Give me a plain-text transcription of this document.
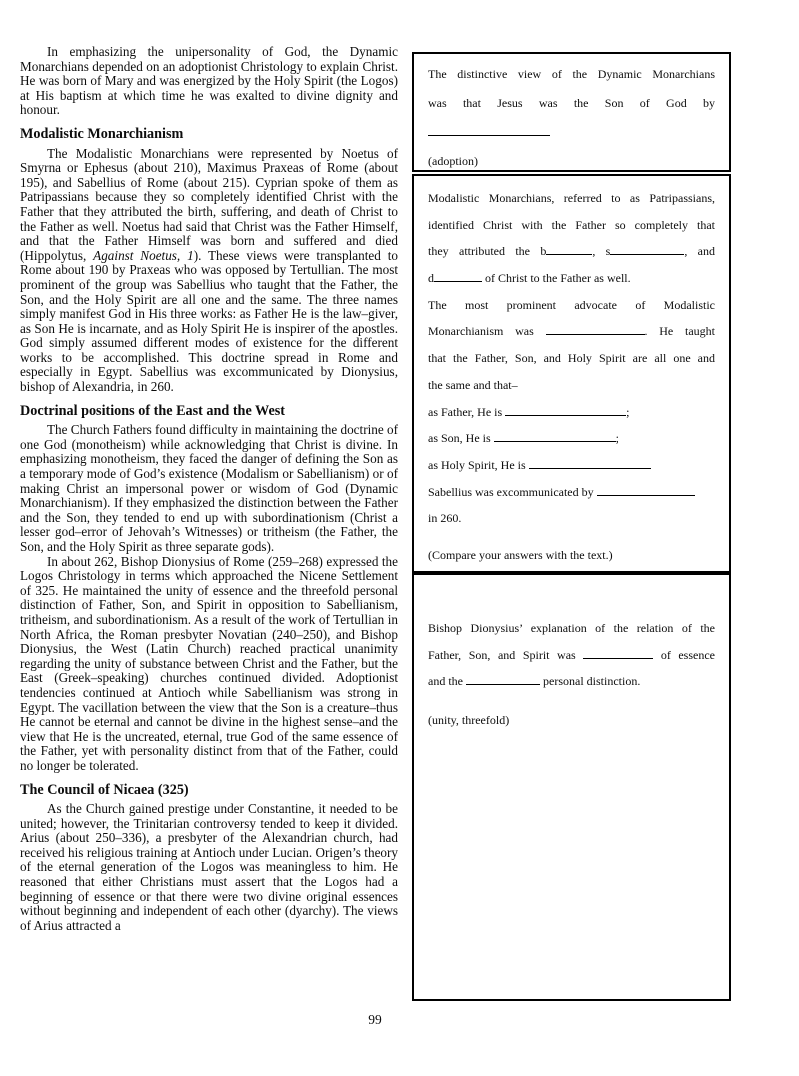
In emphasizing the unipersonality of God, the Dynamic Monarchians depended on an adoptionist Christology to explain Christ. He was born of Mary and was energized by the Holy Spirit (the Logos) at His baptism at which time he was exalted to divine dignity and honour.

Modalistic Monarchianism

The Modalistic Monarchians were represented by Noetus of Smyrna or Ephesus (about 210), Maximus Praxeas of Rome (about 195), and Sabellius of Rome (about 215). Cyprian spoke of them as Patripassians because they so completely identified Christ with the Father that they attributed the birth, suffering, and death of Christ to the Father as well. Noetus had said that Christ was the Father Himself, and that the Father Himself was born and suffered and died (Hippolytus, Against Noetus, 1). These views were transplanted to Rome about 190 by Praxeas who was opposed by Tertullian. The most prominent of the group was Sabellius who taught that the Father, the Son, and the Holy Spirit are all one and the same. The three names simply manifest God in His three works: as Father He is the law–giver, as Son He is incarnate, and as Holy Spirit He is inspirer of the apostles. God simply assumed different modes of existence for the different works to be accomplished. This doctrine spread in Rome and especially in Egypt. Sabellius was excommunicated by Dionysius, bishop of Alexandria, in 260.

Doctrinal positions of the East and the West

The Church Fathers found difficulty in maintaining the doctrine of one God (monotheism) while acknowledging that Christ is divine. In emphasizing monotheism, they faced the danger of defining the Son as a temporary mode of God’s existence (Modalism or Sabellianism) or of making Christ an impersonal power or wisdom of God (Dynamic Monarchianism). If they emphasized the distinction between the Father and the Son, they tended to end up with subordinationism (Christ a lesser god–error of Jehovah’s Witnesses) or tritheism (the Father, the Son, and the Holy Spirit as three separate gods).

In about 262, Bishop Dionysius of Rome (259–268) expressed the Logos Christology in terms which approached the Nicene Settlement of 325. He maintained the unity of essence and the threefold personal distinction of Father, Son, and Spirit in opposition to Sabellianism, tritheism, and subordinationism. As a result of the work of Tertullian in North Africa, the Roman presbyter Novatian (240–250), and Bishop Dionysius, the West (Latin Church) reached practical unanimity regarding the unity of substance between Christ and the Father, but the East (Greek–speaking) churches continued divided. Adoptionist tendencies continued at Antioch while Sabellianism was strong in Egypt. The vacillation between the view that the Son is a creature–thus He cannot be eternal and cannot be divine in the highest sense–and the view that He is the uncreated, eternal, true God of the same essence of the Father, yet with personality distinct from that of the Father, could no longer be tolerated.

The Council of Nicaea (325)

As the Church gained prestige under Constantine, it needed to be united; however, the Trinitarian controversy tended to keep it divided. Arius (about 250–336), a presbyter of the Alexandrian church, had received his religious training at Antioch under Lucian. Origen’s theory of the eternal generation of the Logos was meaningless to him. He reasoned that either Christians must assert that the Logos had a beginning of essence or that there were two divine original essences without beginning and independent of each other (dyarchy). The views of Arius attracted a

The distinctive view of the Dynamic Monarchians
was that Jesus was the Son of God by
(adoption)
Modalistic Monarchians, referred to as Patripassians,
identified Christ with the Father so completely that
they attributed the b	, s	, and
d	of Christ to the Father as well.
The most prominent advocate of Modalistic
Monarchianism was	. He taught
that the Father, Son, and Holy Spirit are all one and
the same and that–
as Father, He is	;
as Son, He is	;
as Holy Spirit, He is
Sabellius was excommunicated by
in 260.
(Compare your answers with the text.)
Bishop Dionysius’ explanation of the relation of the
Father, Son, and Spirit was	of essence
and the	personal distinction.
(unity, threefold)
99
